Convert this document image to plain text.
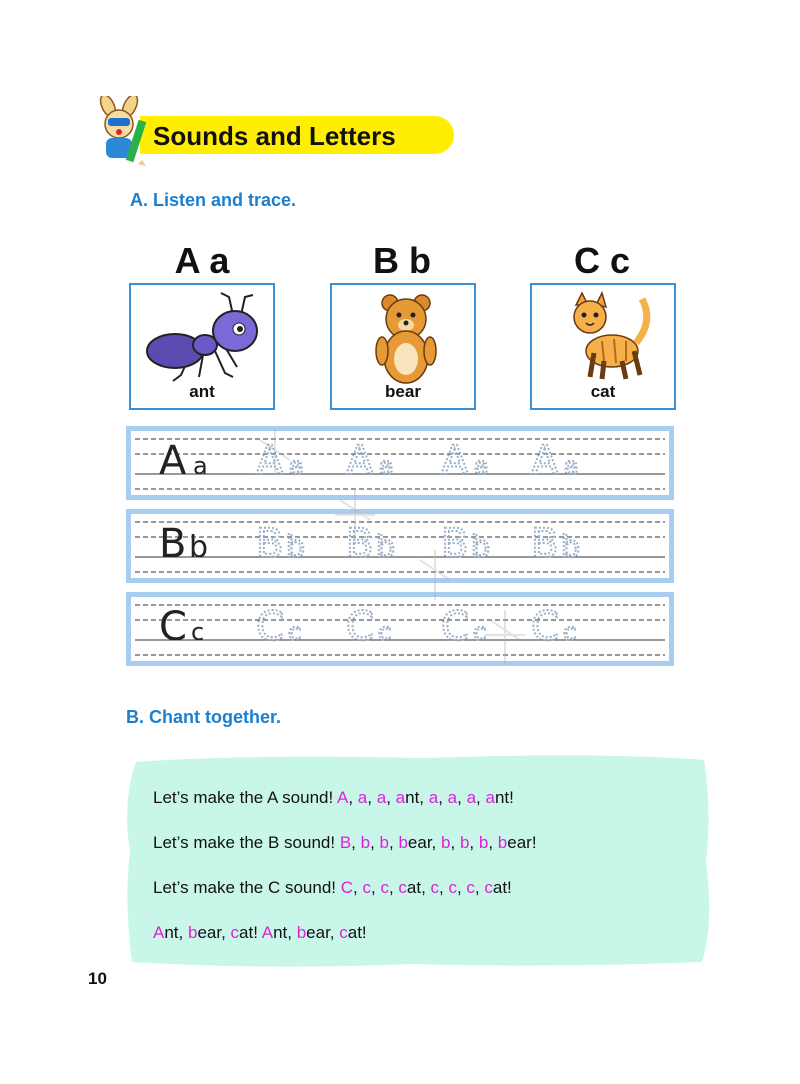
Sounds and Letters
A. Listen and trace.
A a	B b	C c
ant	bear	cat
A a A a A a A a A a
B b B b B b B b B b
C c C c C c C c C c
B. Chant together.
Let’s make the A sound! A, a, a, ant, a, a, a, ant!
Let’s make the B sound! B, b, b, bear, b, b, b, bear!
Let’s make the C sound! C, c, c, cat, c, c, c, cat!
Ant, bear, cat! Ant, bear, cat!
10
